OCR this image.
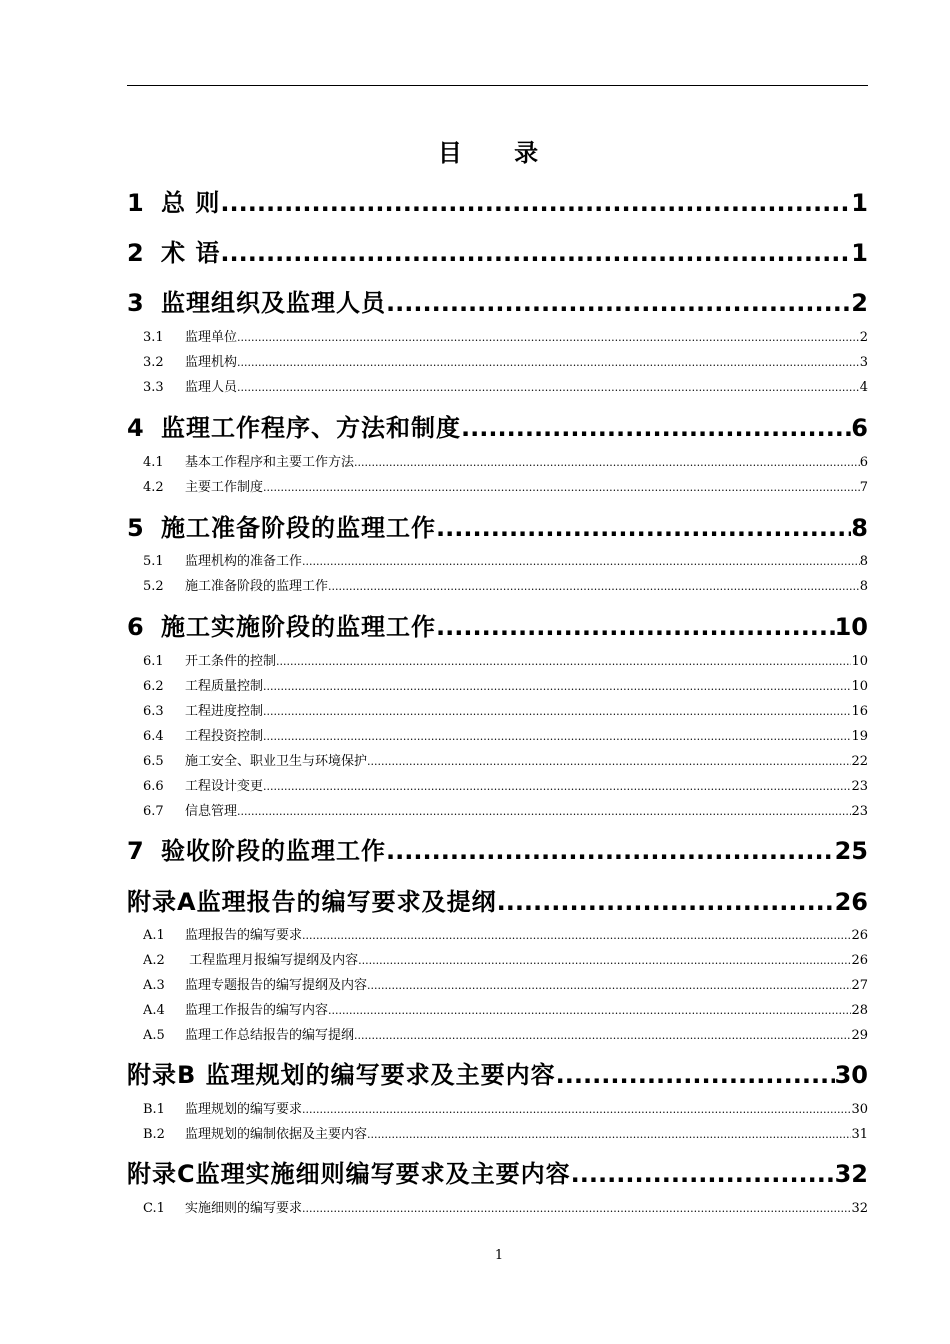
目 录
1 总 则 .....	1
2 术 语 .....	1
3 监理组织及监理人员 .....	2
3.1 监理单位 .....	2
3.2 监理机构 .....	3
3.3 监理人员 .....	4
4 监理工作程序、方法和制度 .....	6
4.1 基本工作程序和主要工作方法 .....	6
4.2 主要工作制度 .....	7
5 施工准备阶段的监理工作 .....	8
5.1 监理机构的准备工作 .....	8
5.2 施工准备阶段的监理工作 .....	8
6 施工实施阶段的监理工作 .....	10
6.1 开工条件的控制 .....	10
6.2 工程质量控制 .....	10
6.3 工程进度控制 .....	16
6.4 工程投资控制 .....	19
6.5 施工安全、职业卫生与环境保护 .....	22
6.6 工程设计变更 .....	23
6.7 信息管理 .....	23
7 验收阶段的监理工作 .....	25
附录A监理报告的编写要求及提纲 .....	26
A.1 监理报告的编写要求 .....	26
A.2 工程监理月报编写提纲及内容 .....	26
A.3 监理专题报告的编写提纲及内容 .....	27
A.4 监理工作报告的编写内容 .....	28
A.5 监理工作总结报告的编写提纲 .....	29
附录B 监理规划的编写要求及主要内容 .....	30
B.1 监理规划的编写要求 .....	30
B.2 监理规划的编制依据及主要内容 .....	31
附录C监理实施细则编写要求及主要内容 .....	32
C.1 实施细则的编写要求 .....	32
1
